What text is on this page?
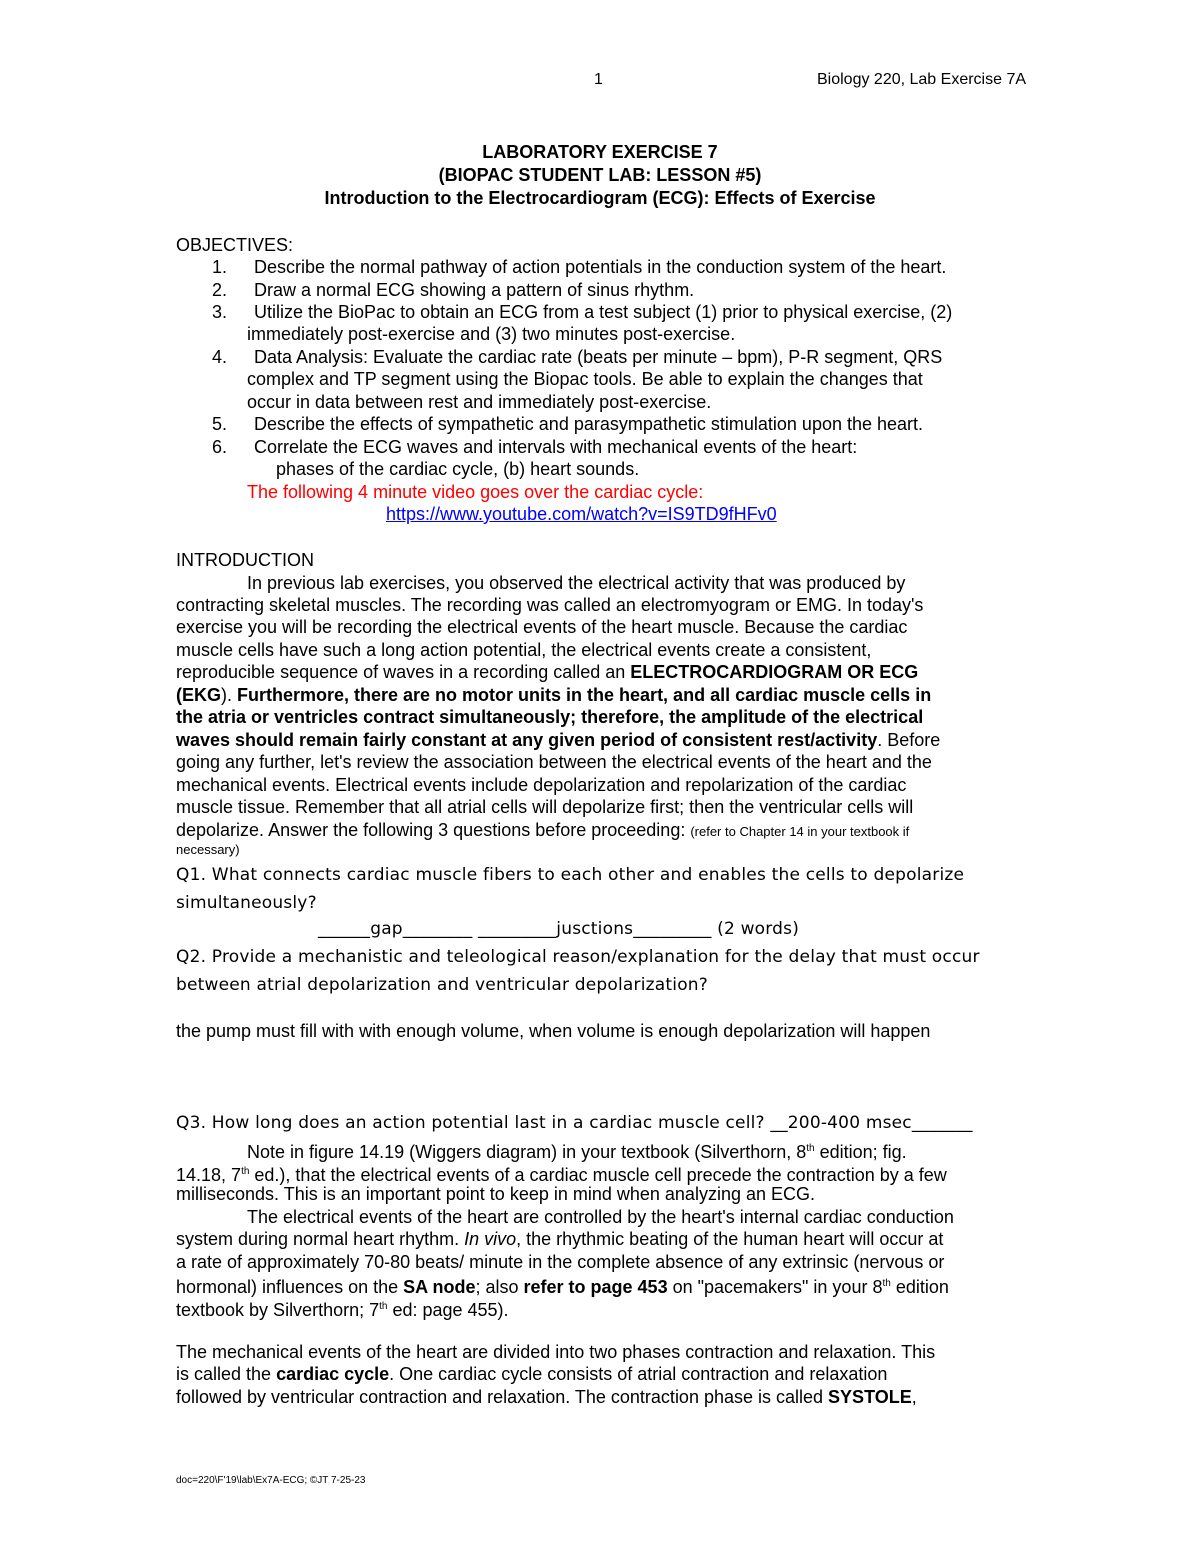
1	Biology 220, Lab Exercise 7A

LABORATORY EXERCISE 7

(BIOPAC STUDENT LAB: LESSON #5)

Introduction to the Electrocardiogram (ECG): Effects of Exercise

OBJECTIVES:

1. Describe the normal pathway of action potentials in the conduction system of the heart.

2. Draw a normal ECG showing a pattern of sinus rhythm.

3. Utilize the BioPac to obtain an ECG from a test subject (1) prior to physical exercise, (2)

immediately post-exercise and (3) two minutes post-exercise.

4. Data Analysis: Evaluate the cardiac rate (beats per minute – bpm), P-R segment, QRS

complex and TP segment using the Biopac tools. Be able to explain the changes that

occur in data between rest and immediately post-exercise.

5. Describe the effects of sympathetic and parasympathetic stimulation upon the heart.

6. Correlate the ECG waves and intervals with mechanical events of the heart:

phases of the cardiac cycle, (b) heart sounds.

The following 4 minute video goes over the cardiac cycle:

https://www.youtube.com/watch?v=IS9TD9fHFv0

INTRODUCTION

In previous lab exercises, you observed the electrical activity that was produced by

contracting skeletal muscles. The recording was called an electromyogram or EMG. In today's

exercise you will be recording the electrical events of the heart muscle. Because the cardiac

muscle cells have such a long action potential, the electrical events create a consistent,

reproducible sequence of waves in a recording called an ELECTROCARDIOGRAM OR ECG

(EKG). Furthermore, there are no motor units in the heart, and all cardiac muscle cells in

the atria or ventricles contract simultaneously; therefore, the amplitude of the electrical

waves should remain fairly constant at any given period of consistent rest/activity. Before

going any further, let's review the association between the electrical events of the heart and the

mechanical events. Electrical events include depolarization and repolarization of the cardiac

muscle tissue. Remember that all atrial cells will depolarize first; then the ventricular cells will

depolarize. Answer the following 3 questions before proceeding: (refer to Chapter 14 in your textbook if

necessary)

Q1. What connects cardiac muscle fibers to each other and enables the cells to depolarize

simultaneously?

______gap________ _________jusctions_________ (2 words)

Q2. Provide a mechanistic and teleological reason/explanation for the delay that must occur

between atrial depolarization and ventricular depolarization?

the pump must fill with with enough volume, when volume is enough depolarization will happen

Q3. How long does an action potential last in a cardiac muscle cell? __200-400 msec_______

Note in figure 14.19 (Wiggers diagram) in your textbook (Silverthorn, 8th edition; fig.

14.18, 7th ed.), that the electrical events of a cardiac muscle cell precede the contraction by a few

milliseconds. This is an important point to keep in mind when analyzing an ECG.

The electrical events of the heart are controlled by the heart's internal cardiac conduction

system during normal heart rhythm. In vivo, the rhythmic beating of the human heart will occur at

a rate of approximately 70-80 beats/ minute in the complete absence of any extrinsic (nervous or

hormonal) influences on the SA node; also refer to page 453 on "pacemakers" in your 8th edition

textbook by Silverthorn; 7th ed: page 455).

The mechanical events of the heart are divided into two phases contraction and relaxation. This

is called the cardiac cycle. One cardiac cycle consists of atrial contraction and relaxation

followed by ventricular contraction and relaxation. The contraction phase is called SYSTOLE,

doc=220\F'19\lab\Ex7A-ECG; ©JT 7-25-23
